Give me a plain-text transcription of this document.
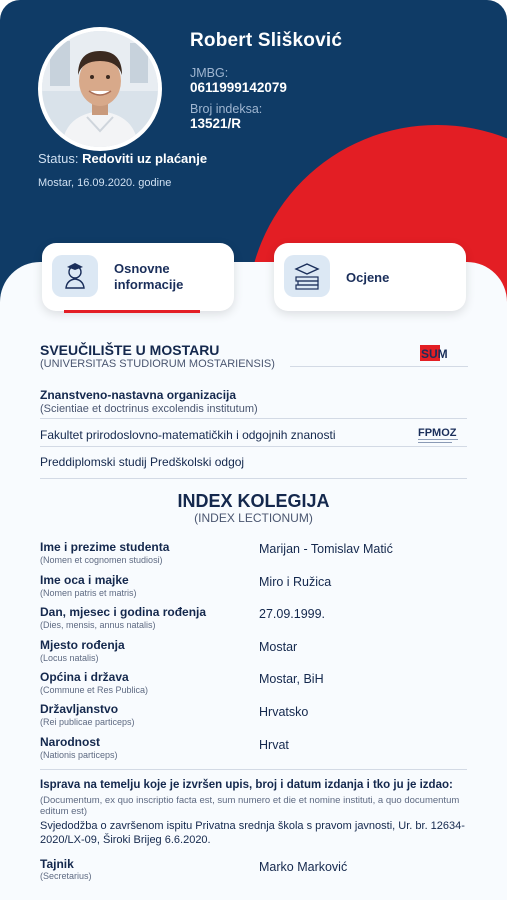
Robert Slišković
JMBG:
0611999142079
Broj indeksa:
13521/R
Status: Redoviti uz plaćanje
Mostar, 16.09.2020. godine
Osnovne
informacije	Ocjene
SVEUČILIŠTE U MOSTARU
(UNIVERSITAS STUDIORUM MOSTARIENSIS)
SUM
Znanstveno-nastavna organizacija
(Scientiae et doctrinus excolendis institutum)
Fakultet prirodoslovno-matematičkih i odgojnih znanosti	FPMOZ
Preddiplomski studij Predškolski odgoj
INDEX KOLEGIJA
(INDEX LECTIONUM)
Ime i prezime studenta
(Nomen et cognomen studiosi)
Marijan - Tomislav Matić
Ime oca i majke
(Nomen patris et matris)
Miro i Ružica
Dan, mjesec i godina rođenja
(Dies, mensis, annus natalis)
27.09.1999.
Mjesto rođenja
(Locus natalis)
Mostar
Općina i država
(Commune et Res Publica)
Mostar, BiH
Državljanstvo
(Rei publicae particeps)
Hrvatsko
Narodnost
(Nationis particeps)
Hrvat
Isprava na temelju koje je izvršen upis, broj i datum izdanja i tko ju je izdao:
(Documentum, ex quo inscriptio facta est, sum numero et die et nomine instituti, a quo documentum editum est)
Svjedodžba o završenom ispitu Privatna srednja škola s pravom javnosti, Ur. br. 12634-2020/LX-09, Široki Brijeg 6.6.2020.
Tajnik
(Secretarius)
Marko Marković
